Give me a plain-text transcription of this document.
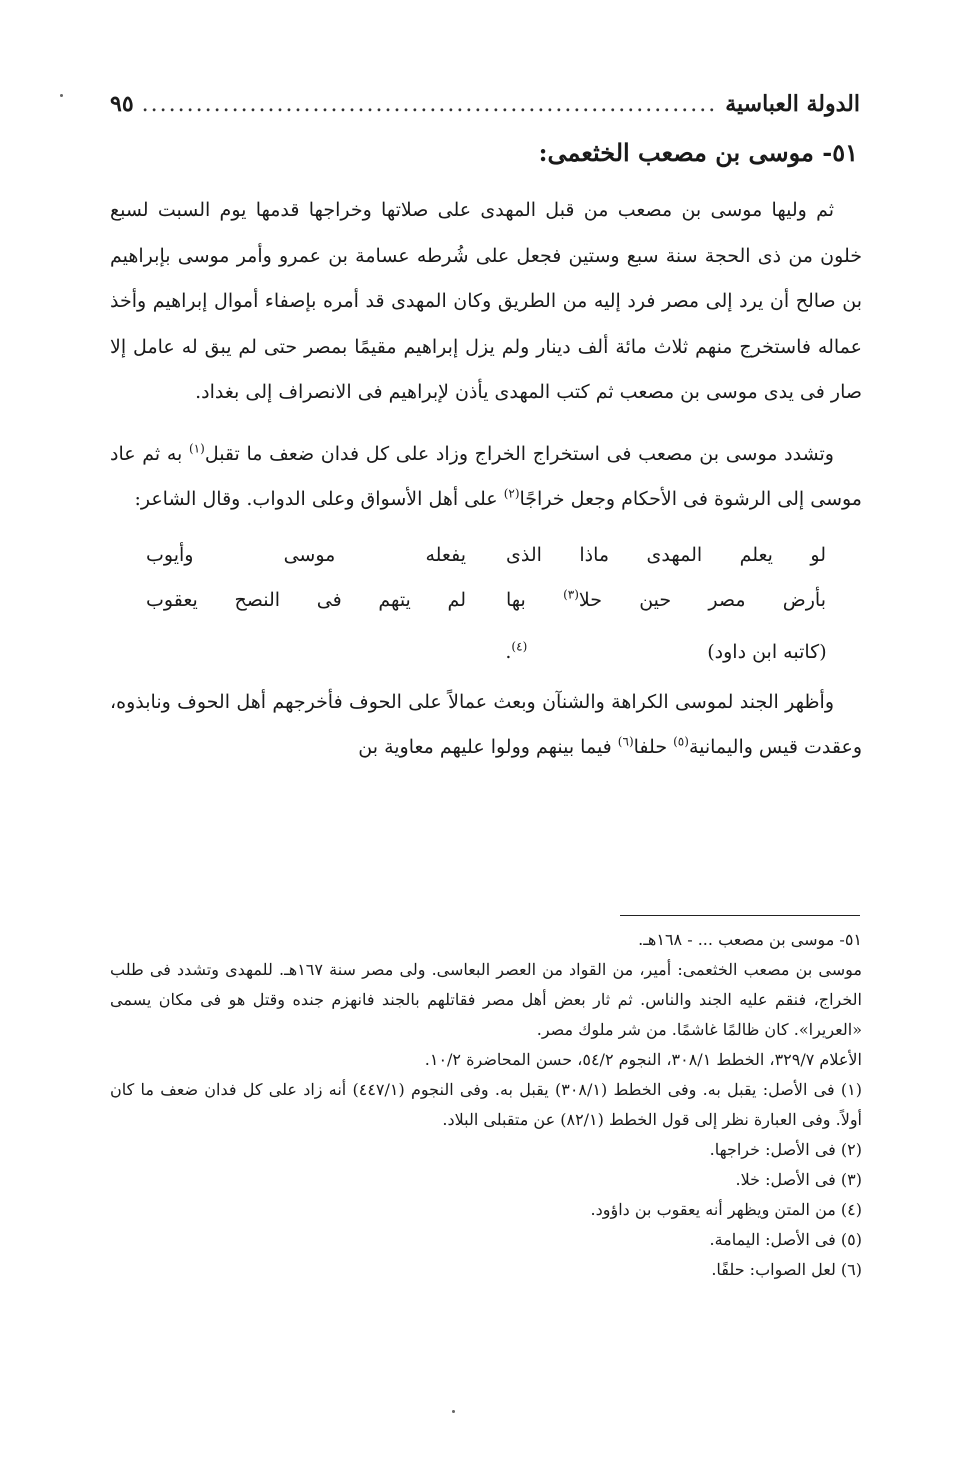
الدولة العباسية
.....
٩٥
٥١- موسى بن مصعب الخثعمى:

ثم وليها موسى بن مصعب من قبل المهدى على صلاتها وخراجها قدمها يوم السبت لسبع خلون من ذى الحجة سنة سبع وستين فجعل على شُرطه عسامة بن عمرو وأمر موسى بإبراهيم بن صالح أن يرد إلى مصر فرد إليه من الطريق وكان المهدى قد أمره بإصفاء أموال إبراهيم وأخذ عماله فاستخرج منهم ثلاث مائة ألف دينار ولم يزل إبراهيم مقيمًا بمصر حتى لم يبق له عامل إلا صار فى يدى موسى بن مصعب ثم كتب المهدى يأذن لإبراهيم فى الانصراف إلى بغداد.

وتشدد موسى بن مصعب فى استخراج الخراج وزاد على كل فدان ضعف ما تقبل$^{(١)}$ به ثم عاد موسى إلى الرشوة فى الأحكام وجعل خراجًا$^{(٢)}$ على أهل الأسواق وعلى الدواب. وقال الشاعر:

لو يعلم المهدى ماذا الذى
يفعله موسى وأيوب
بأرض مصر حين حلا$^{(٣)}$ بها
لم يتهم فى النصح يعقوب
(كاتبه ابن داود)$^{(٤)}$.

وأظهر الجند لموسى الكراهة والشنآن وبعث عمالاً على الحوف فأخرجهم أهل الحوف ونابذوه، وعقدت قيس واليمانية$^{(٥)}$ حلفا$^{(٦)}$ فيما بينهم وولوا عليهم معاوية بن

٥١- موسى بن مصعب ... - ١٦٨هـ.

موسى بن مصعب الخثعمى: أمير، من القواد من العصر البعاسى. ولى مصر سنة ١٦٧هـ. للمهدى وتشدد فى طلب الخراج، فنقم عليه الجند والناس. ثم ثار بعض أهل مصر فقاتلهم بالجند فانهزم جنده وقتل هو فى مكان يسمى «العريرا». كان ظالمًا غاشمًا. من شر ملوك مصر.

الأعلام ٣٢٩/٧، الخطط ٣٠٨/١، النجوم ٥٤/٢، حسن المحاضرة ١٠/٢.

(١) فى الأصل: يقبل به. وفى الخطط (٣٠٨/١) يقبل به. وفى النجوم (٤٤٧/١) أنه زاد على كل فدان ضعف ما كان أولاً. وفى العبارة نظر إلى قول الخطط (٨٢/١) عن متقبلى البلاد.

(٢) فى الأصل: خراجها.

(٣) فى الأصل: خلا.

(٤) من المتن ويظهر أنه يعقوب بن داؤود.

(٥) فى الأصل: اليمامة.

(٦) لعل الصواب: حلفًا.
